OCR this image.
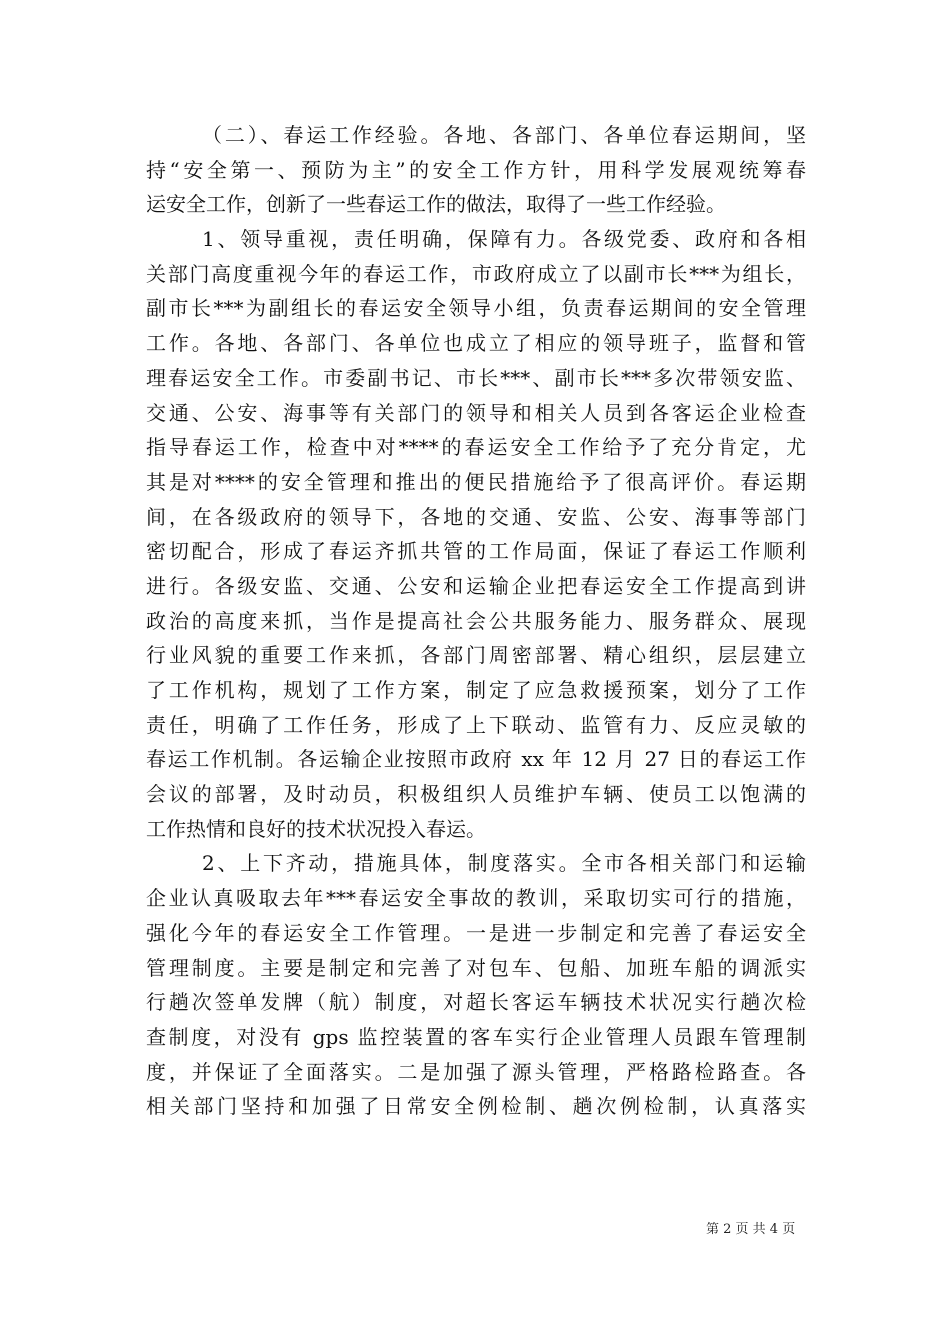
（二）、春运工作经验。各地、各部门、各单位春运期间，坚
持“安全第一、预防为主”的安全工作方针，用科学发展观统筹春
运安全工作，创新了一些春运工作的做法，取得了一些工作经验。
1、领导重视，责任明确，保障有力。各级党委、政府和各相
关部门高度重视今年的春运工作，市政府成立了以副市长***为组长，
副市长***为副组长的春运安全领导小组，负责春运期间的安全管理
工作。各地、各部门、各单位也成立了相应的领导班子，监督和管
理春运安全工作。市委副书记、市长***、副市长***多次带领安监、
交通、公安、海事等有关部门的领导和相关人员到各客运企业检查
指导春运工作，检查中对****的春运安全工作给予了充分肯定，尤
其是对****的安全管理和推出的便民措施给予了很高评价。春运期
间，在各级政府的领导下，各地的交通、安监、公安、海事等部门
密切配合，形成了春运齐抓共管的工作局面，保证了春运工作顺利
进行。各级安监、交通、公安和运输企业把春运安全工作提高到讲
政治的高度来抓，当作是提高社会公共服务能力、服务群众、展现
行业风貌的重要工作来抓，各部门周密部署、精心组织，层层建立
了工作机构，规划了工作方案，制定了应急救援预案，划分了工作
责任，明确了工作任务，形成了上下联动、监管有力、反应灵敏的
春运工作机制。各运输企业按照市政府 xx 年 12 月 27 日的春运工作
会议的部署，及时动员，积极组织人员维护车辆、使员工以饱满的
工作热情和良好的技术状况投入春运。
2、上下齐动，措施具体，制度落实。全市各相关部门和运输
企业认真吸取去年***春运安全事故的教训，采取切实可行的措施，
强化今年的春运安全工作管理。一是进一步制定和完善了春运安全
管理制度。主要是制定和完善了对包车、包船、加班车船的调派实
行趟次签单发牌（航）制度，对超长客运车辆技术状况实行趟次检
查制度，对没有 gps 监控装置的客车实行企业管理人员跟车管理制
度，并保证了全面落实。二是加强了源头管理，严格路检路查。各
相关部门坚持和加强了日常安全例检制、趟次例检制，认真落实
第 2 页 共 4 页
